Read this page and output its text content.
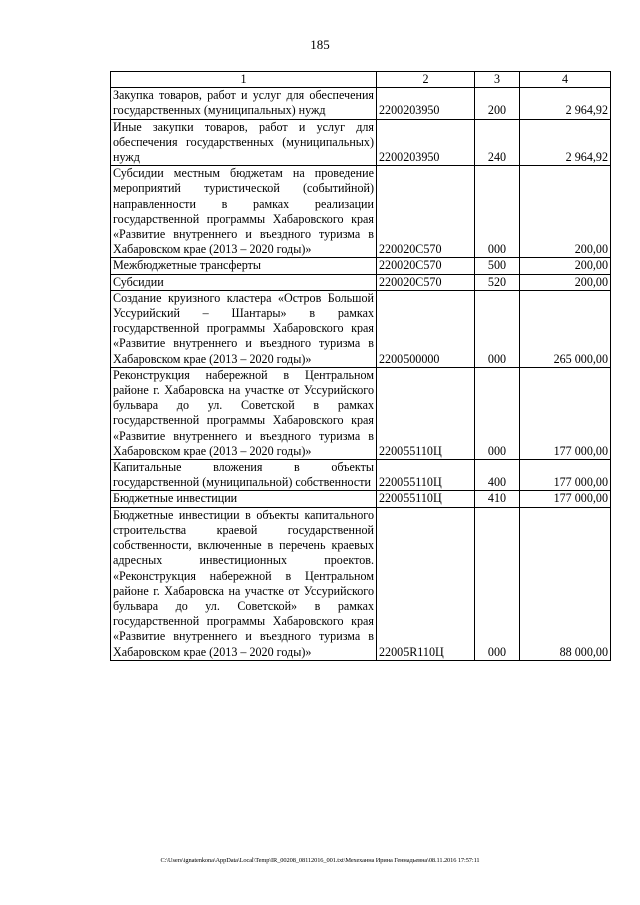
185
1	2	3	4
Закупка товаров, работ и услуг для обеспечения государственных (муниципальных) нужд	2200203950	200	2 964,92
Иные закупки товаров, работ и услуг для обеспечения государственных (муниципальных) нужд	2200203950	240	2 964,92
Субсидии местным бюджетам на проведение мероприятий туристической (событийной) направленности в рамках реализации государственной программы Хабаровского края «Развитие внутреннего и въездного туризма в Хабаровском крае (2013 – 2020 годы)»	220020С570	000	200,00
Межбюджетные трансферты	220020С570	500	200,00
Субсидии	220020С570	520	200,00
Создание круизного кластера «Остров Большой Уссурийский – Шантары» в рамках государственной программы Хабаровского края «Развитие внутреннего и въездного туризма в Хабаровском крае (2013 – 2020 годы)»	2200500000	000	265 000,00
Реконструкция набережной в Центральном районе г. Хабаровска на участке от Уссурийского бульвара до ул. Советской в рамках государственной программы Хабаровского края «Развитие внутреннего и въездного туризма в Хабаровском крае (2013 – 2020 годы)»	220055110Ц	000	177 000,00
Капитальные вложения в объекты государственной (муниципальной) собственности	220055110Ц	400	177 000,00
Бюджетные инвестиции	220055110Ц	410	177 000,00
Бюджетные инвестиции в объекты капитального строительства краевой государственной собственности, включенные в перечень краевых адресных инвестиционных проектов. «Реконструкция набережной в Центральном районе г. Хабаровска на участке от Уссурийского бульвара до ул. Советской» в рамках государственной программы Хабаровского края «Развитие внутреннего и въездного туризма в Хабаровском крае (2013 – 2020 годы)»	22005R110Ц	000	88 000,00
C:\Users\ignatenkona\AppData\Local\Temp\IR_00208_08112016_001.txt\Мехеханна Ирина Геннадьевна\08.11.2016 17:57:11
